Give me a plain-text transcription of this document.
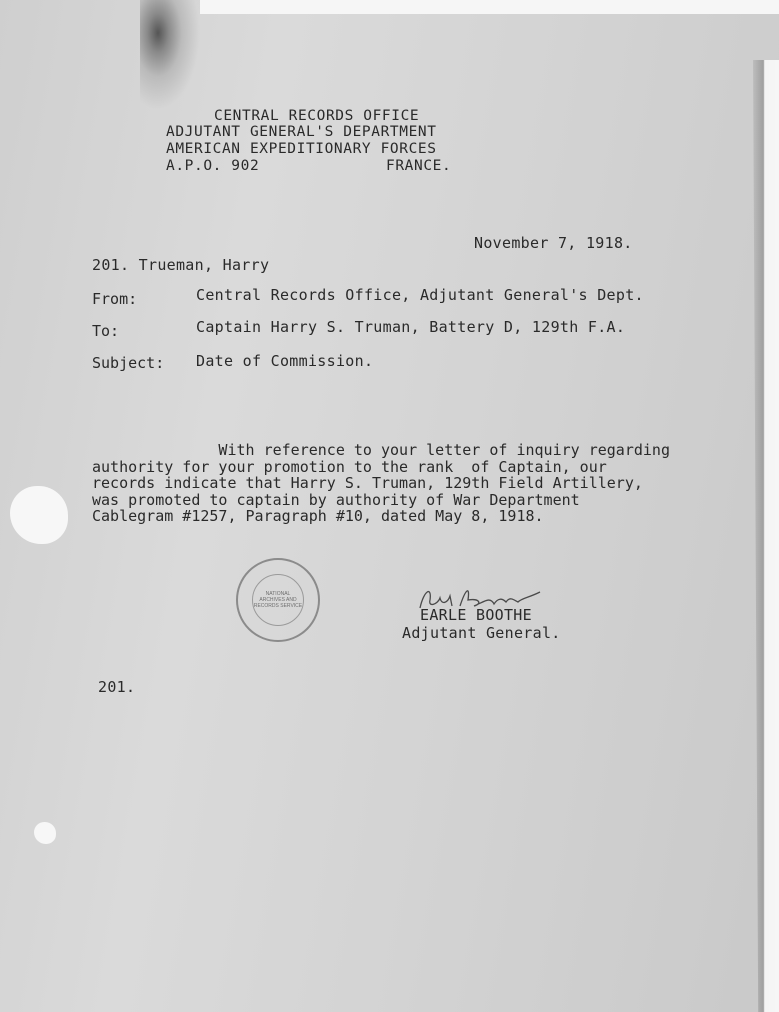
CENTRAL RECORDS OFFICE
ADJUTANT GENERAL'S DEPARTMENT
AMERICAN EXPEDITIONARY FORCES
A.P.O. 902	FRANCE.
November 7, 1918.
201. Trueman, Harry
From:	Central Records Office, Adjutant General's Dept.
To:	Captain Harry S. Truman, Battery D, 129th F.A.
Subject: Date of Commission.
With reference to your letter of inquiry regarding
authority for your promotion to the rank  of Captain, our
records indicate that Harry S. Truman, 129th Field Artillery,
was promoted to captain by authority of War Department
Cablegram #1257, Paragraph #10, dated May 8, 1918.
NATIONAL ARCHIVES AND RECORDS SERVICE	EARLE BOOTHE
Adjutant General.
201.
